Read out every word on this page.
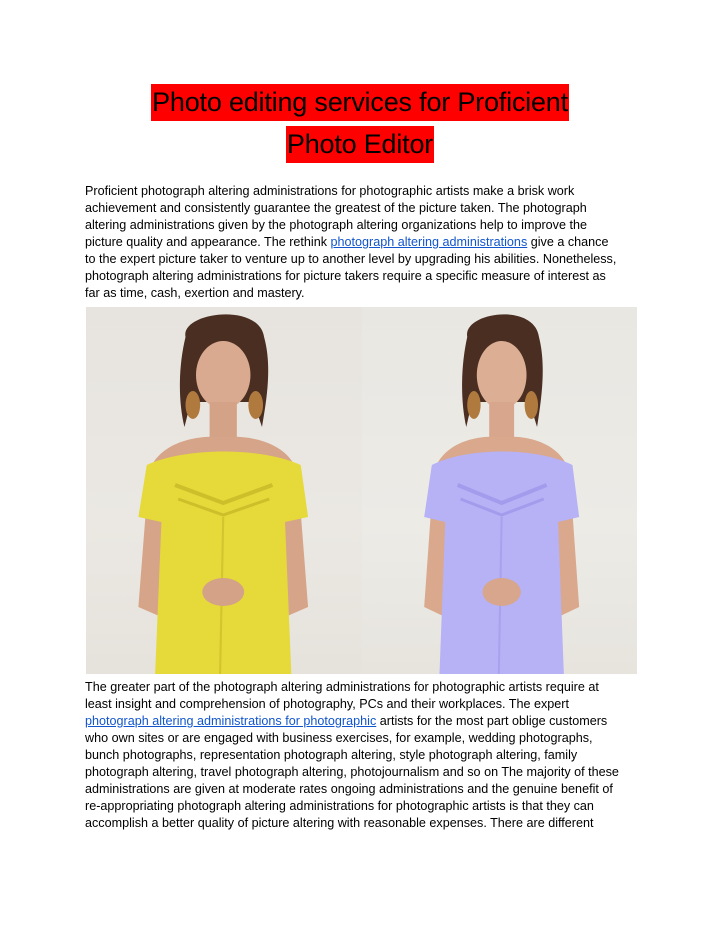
Photo editing services for Proficient
Photo Editor

Proficient photograph altering administrations for photographic artists make a brisk work

achievement and consistently guarantee the greatest of the picture taken. The photograph

altering administrations given by the photograph altering organizations help to improve the

picture quality and appearance. The rethink photograph altering administrations give a chance

to the expert picture taker to venture up to another level by upgrading his abilities. Nonetheless,

photograph altering administrations for picture takers require a specific measure of interest as

far as time, cash, exertion and mastery.

The greater part of the photograph altering administrations for photographic artists require at

least insight and comprehension of photography, PCs and their workplaces. The expert

photograph altering administrations for photographic artists for the most part oblige customers

who own sites or are engaged with business exercises, for example, wedding photographs,

bunch photographs, representation photograph altering, style photograph altering, family

photograph altering, travel photograph altering, photojournalism and so on The majority of these

administrations are given at moderate rates ongoing administrations and the genuine benefit of

re-appropriating photograph altering administrations for photographic artists is that they can

accomplish a better quality of picture altering with reasonable expenses. There are different
